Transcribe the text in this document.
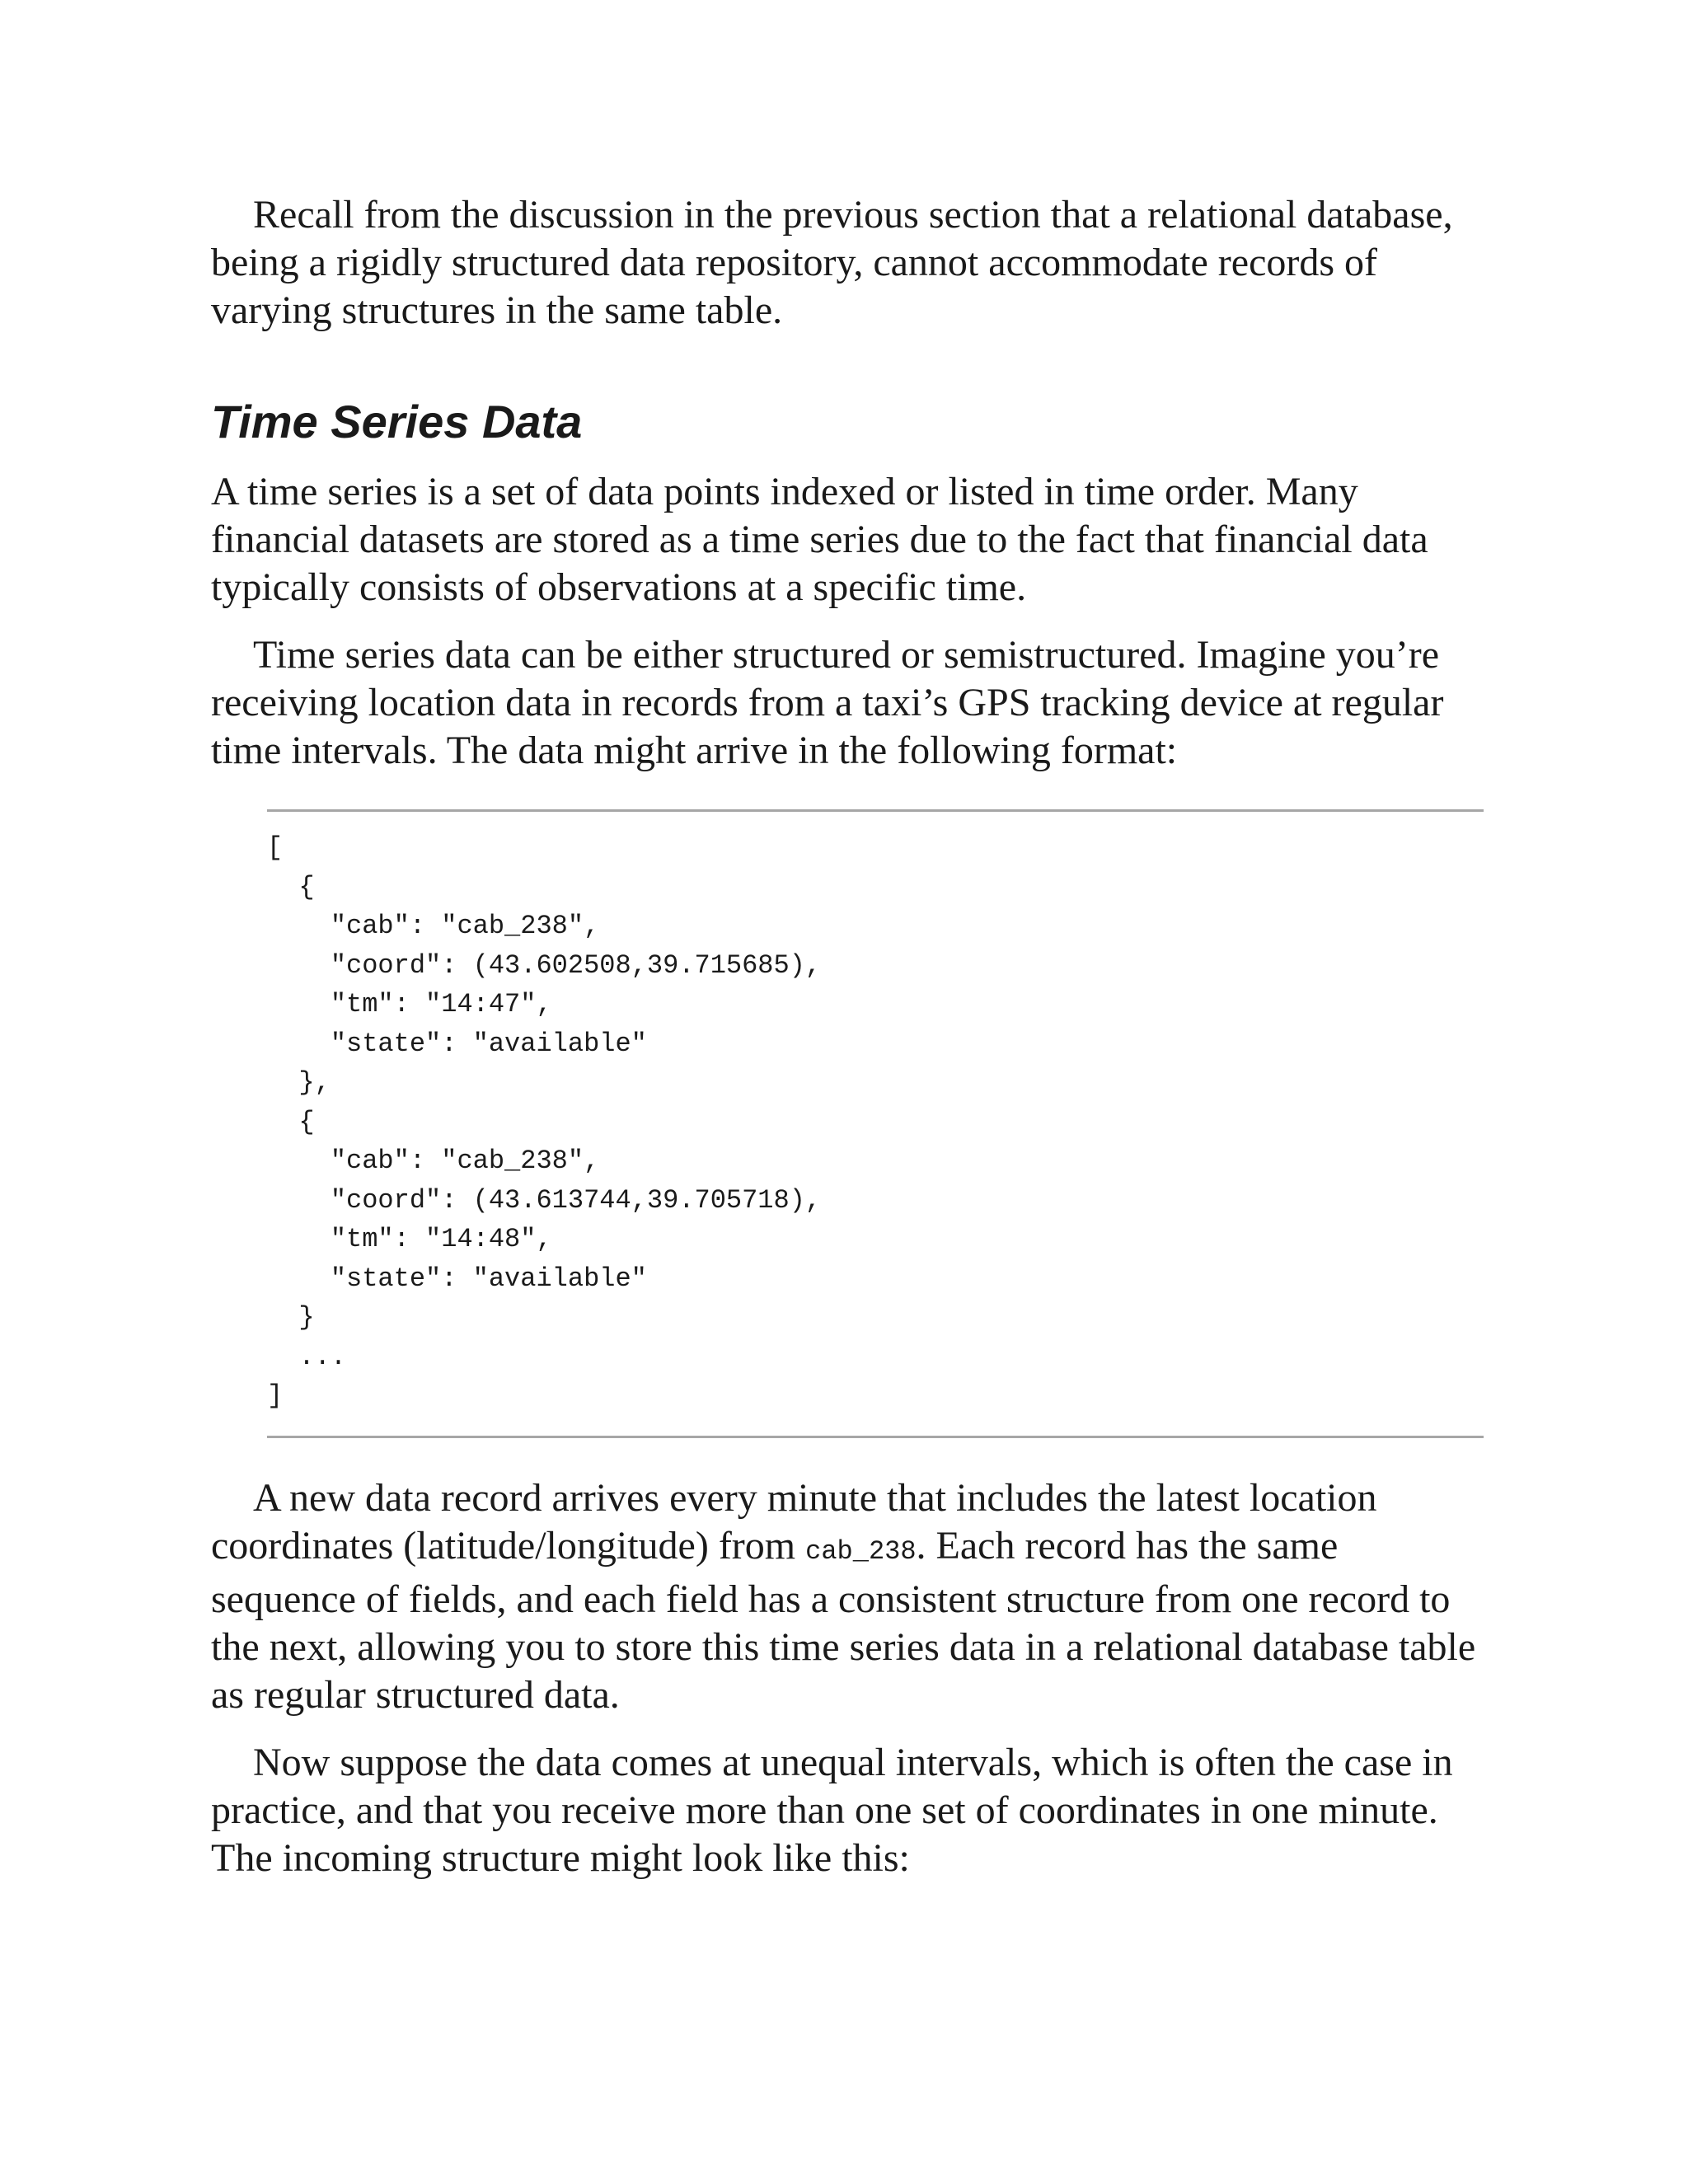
Recall from the discussion in the previous section that a relational database, being a rigidly structured data repository, cannot accommodate records of varying structures in the same table.

Time Series Data

A time series is a set of data points indexed or listed in time order. Many financial datasets are stored as a time series due to the fact that financial data typically consists of observations at a specific time.

Time series data can be either structured or semistructured. Imagine you’re receiving location data in records from a taxi’s GPS tracking device at regular time intervals. The data might arrive in the following format:

[
{
"cab": "cab_238",
"coord": (43.602508,39.715685),
"tm": "14:47",
"state": "available"
},
{
"cab": "cab_238",
"coord": (43.613744,39.705718),
"tm": "14:48",
"state": "available"
}
...
]

A new data record arrives every minute that includes the latest location coordinates (latitude/longitude) from cab_238. Each record has the same sequence of fields, and each field has a consistent structure from one record to the next, allowing you to store this time series data in a relational database table as regular structured data.

Now suppose the data comes at unequal intervals, which is often the case in practice, and that you receive more than one set of coordinates in one minute. The incoming structure might look like this:
